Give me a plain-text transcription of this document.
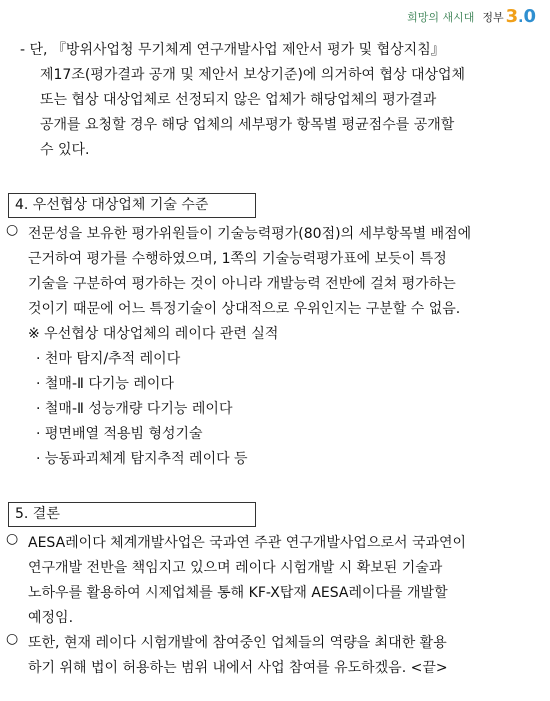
희망의 새시대 정부 3.0
- 단, 『방위사업청 무기체계 연구개발사업 제안서 평가 및 협상지침』
제17조(평가결과 공개 및 제안서 보상기준)에 의거하여 협상 대상업체
또는 협상 대상업체로 선정되지 않은 업체가 해당업체의 평가결과
공개를 요청할 경우 해당 업체의 세부평가 항목별 평균점수를 공개할
수 있다.
4. 우선협상 대상업체 기술 수준
○ 전문성을 보유한 평가위원들이 기술능력평가(80점)의 세부항목별 배점에
근거하여 평가를 수행하였으며, 1쪽의 기술능력평가표에 보듯이 특정
기술을 구분하여 평가하는 것이 아니라 개발능력 전반에 걸쳐 평가하는
것이기 때문에 어느 특정기술이 상대적으로 우위인지는 구분할 수 없음.
※ 우선협상 대상업체의 레이다 관련 실적
· 천마 탐지/추적 레이다
· 철매-Ⅱ 다기능 레이다
· 철매-Ⅱ 성능개량 다기능 레이다
· 평면배열 적용빔 형성기술
· 능동파괴체계 탐지추적 레이다 등
5. 결론
○ AESA레이다 체계개발사업은 국과연 주관 연구개발사업으로서 국과연이
연구개발 전반을 책임지고 있으며 레이다 시험개발 시 확보된 기술과
노하우를 활용하여 시제업체를 통해 KF-X탑재 AESA레이다를 개발할
예정임.
○ 또한, 현재 레이다 시험개발에 참여중인 업체들의 역량을 최대한 활용
하기 위해 법이 허용하는 범위 내에서 사업 참여를 유도하겠음. <끝>
